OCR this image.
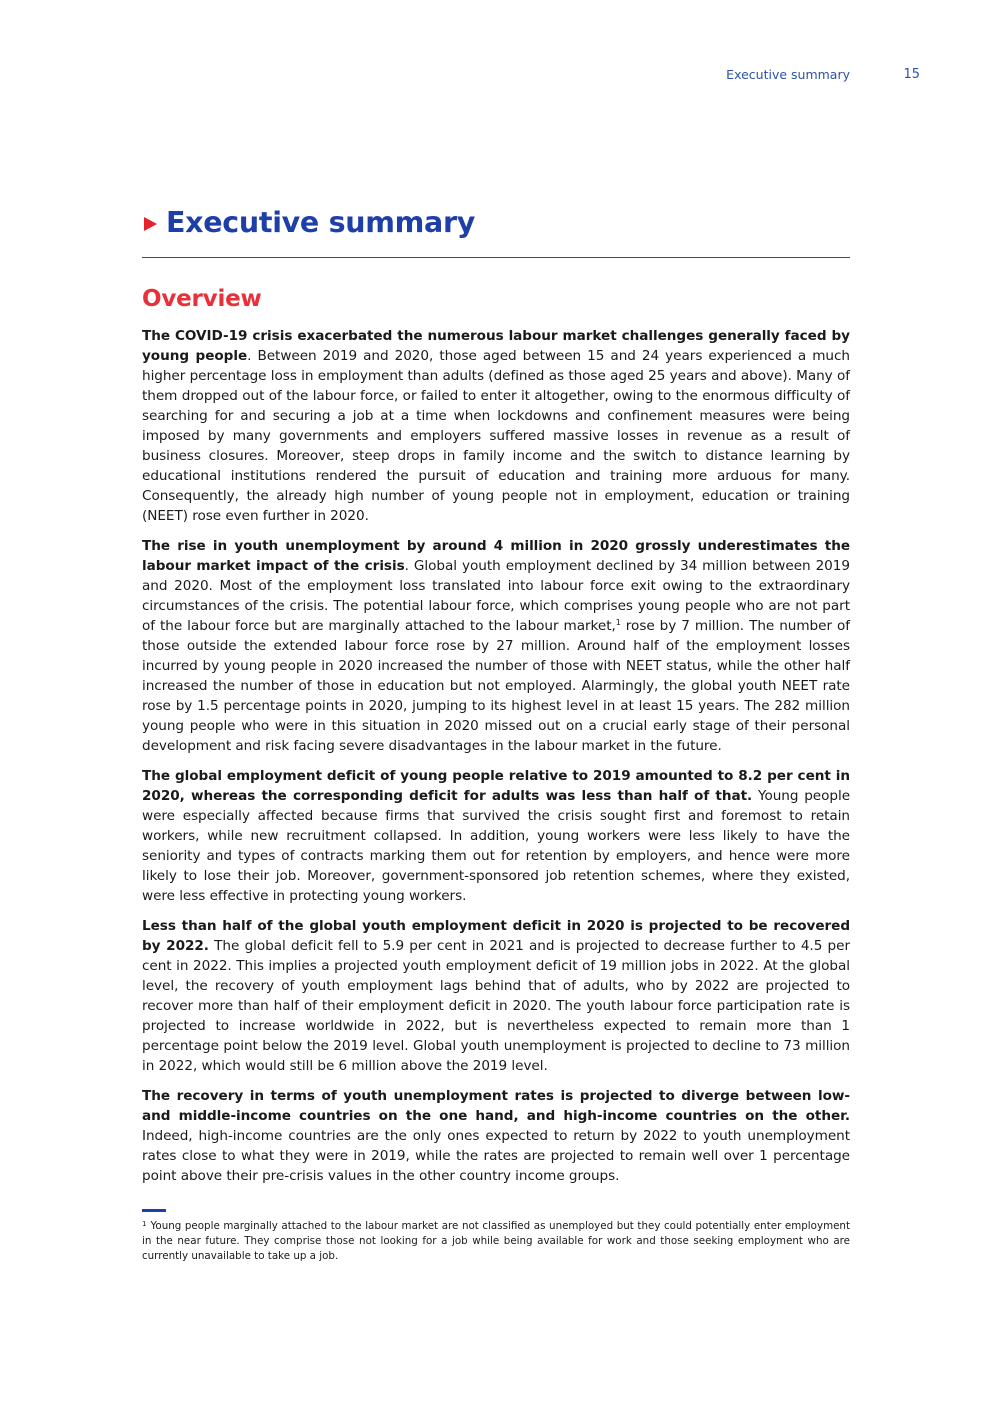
Executive summary	15
Executive summary
Overview

The COVID-19 crisis exacerbated the numerous labour market challenges generally faced by young people. Between 2019 and 2020, those aged between 15 and 24 years experienced a much higher percentage loss in employment than adults (defined as those aged 25 years and above). Many of them dropped out of the labour force, or failed to enter it altogether, owing to the enormous difficulty of searching for and securing a job at a time when lockdowns and confinement measures were being imposed by many governments and employers suffered massive losses in revenue as a result of business closures. Moreover, steep drops in family income and the switch to distance learning by educational institutions rendered the pursuit of education and training more arduous for many. Consequently, the already high number of young people not in employment, education or training (NEET) rose even further in 2020.

The rise in youth unemployment by around 4 million in 2020 grossly underestimates the labour market impact of the crisis. Global youth employment declined by 34 million between 2019 and 2020. Most of the employment loss translated into labour force exit owing to the extraordinary circumstances of the crisis. The potential labour force, which comprises young people who are not part of the labour force but are marginally attached to the labour market,$^1$ rose by 7 million. The number of those outside the extended labour force rose by 27 million. Around half of the employment losses incurred by young people in 2020 increased the number of those with NEET status, while the other half increased the number of those in education but not employed. Alarmingly, the global youth NEET rate rose by 1.5 percentage points in 2020, jumping to its highest level in at least 15 years. The 282 million young people who were in this situation in 2020 missed out on a crucial early stage of their personal development and risk facing severe disadvantages in the labour market in the future.

The global employment deficit of young people relative to 2019 amounted to 8.2 per cent in 2020, whereas the corresponding deficit for adults was less than half of that. Young people were especially affected because firms that survived the crisis sought first and foremost to retain workers, while new recruitment collapsed. In addition, young workers were less likely to have the seniority and types of contracts marking them out for retention by employers, and hence were more likely to lose their job. Moreover, government-sponsored job retention schemes, where they existed, were less effective in protecting young workers.

Less than half of the global youth employment deficit in 2020 is projected to be recovered by 2022. The global deficit fell to 5.9 per cent in 2021 and is projected to decrease further to 4.5 per cent in 2022. This implies a projected youth employment deficit of 19 million jobs in 2022. At the global level, the recovery of youth employment lags behind that of adults, who by 2022 are projected to recover more than half of their employment deficit in 2020. The youth labour force participation rate is projected to increase worldwide in 2022, but is nevertheless expected to remain more than 1 percentage point below the 2019 level. Global youth unemployment is projected to decline to 73 million in 2022, which would still be 6 million above the 2019 level.

The recovery in terms of youth unemployment rates is projected to diverge between low- and middle-income countries on the one hand, and high-income countries on the other. Indeed, high-income countries are the only ones expected to return by 2022 to youth unemployment rates close to what they were in 2019, while the rates are projected to remain well over 1 percentage point above their pre-crisis values in the other country income groups.

$^1$ Young people marginally attached to the labour market are not classified as unemployed but they could potentially enter employment in the near future. They comprise those not looking for a job while being available for work and those seeking employment who are currently unavailable to take up a job.
